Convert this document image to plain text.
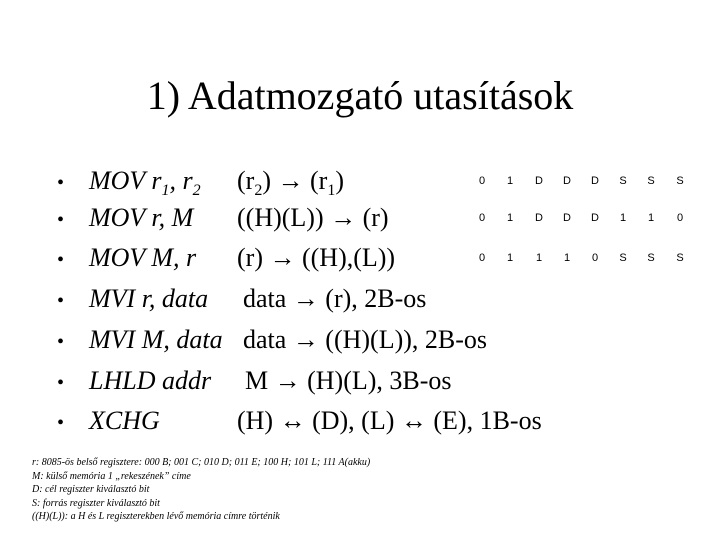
1) Adatmozgató utasítások
• MOV $r_1$, $r_2$ $(r_2) \to (r_1)$	0	1	D	D	D	S	S	S
• MOV r, M ((H)(L)) → (r)	0	1	D	D	D	1	1	0
• MOV M, r (r) → ((H),(L))	0	1	1	1	0	S	S	S
• MVI r, data data → (r), 2B-os
• MVI M, data data → ((H)(L)), 2B-os
• LHLD addr M → (H)(L), 3B-os
• XCHG	(H) ↔ (D), (L) ↔ (E), 1B-os
r: 8085-ös belső regisztere: 000 B; 001 C; 010 D; 011 E; 100 H; 101 L; 111 A(akku)
M: külső memória 1 „rekeszének” címe
D: cél regiszter kiválasztó bit
S: forrás regiszter kiválasztó bit
((H)(L)): a H és L regiszterekben lévő memória címre történik
